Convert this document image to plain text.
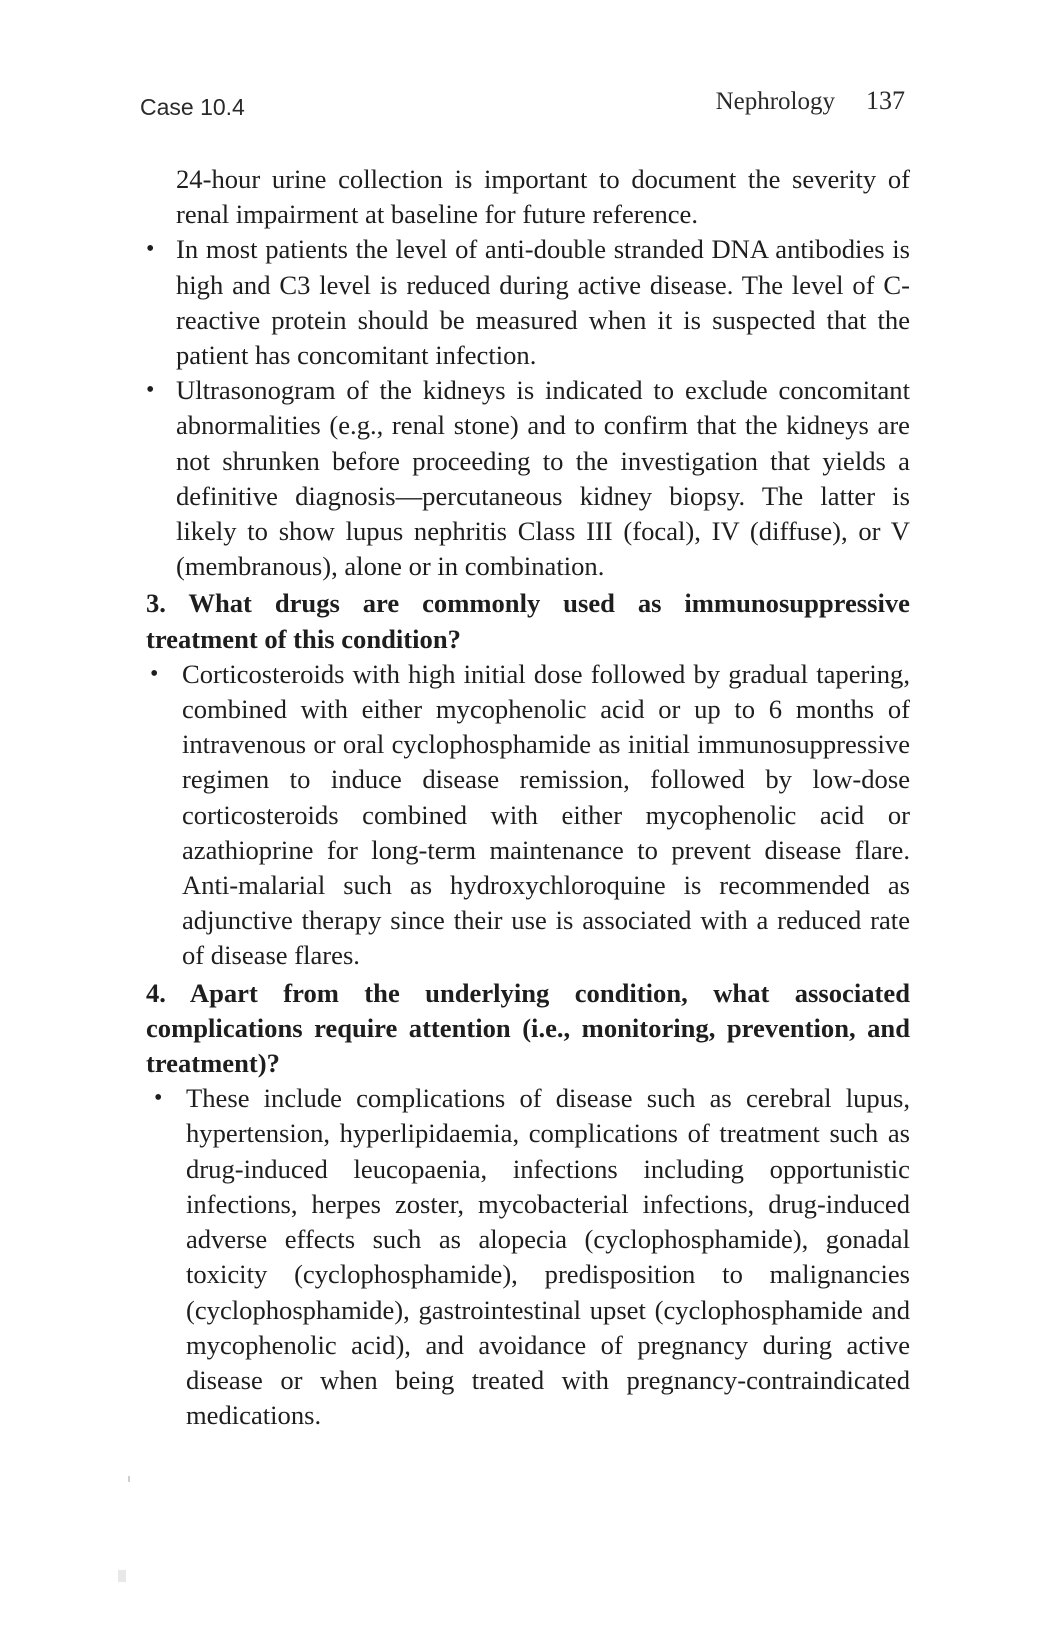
Case 10.4	Nephrology 137

24-hour urine collection is important to document the severity of renal impairment at baseline for future reference.

• In most patients the level of anti-double stranded DNA antibodies is high and C3 level is reduced during active disease. The level of C-reactive protein should be measured when it is suspected that the patient has concomitant infection.
• Ultrasonogram of the kidneys is indicated to exclude concomitant abnormalities (e.g., renal stone) and to confirm that the kidneys are not shrunken before proceeding to the investigation that yields a definitive diagnosis—percutaneous kidney biopsy. The latter is likely to show lupus nephritis Class III (focal), IV (diffuse), or V (membranous), alone or in combination.

3. What drugs are commonly used as immunosuppressive treatment of this condition?

• Corticosteroids with high initial dose followed by gradual tapering, combined with either mycophenolic acid or up to 6 months of intravenous or oral cyclophosphamide as initial immunosuppressive regimen to induce disease remission, followed by low-dose corticosteroids combined with either mycophenolic acid or azathioprine for long-term maintenance to prevent disease flare. Anti-malarial such as hydroxychloroquine is recommended as adjunctive therapy since their use is associated with a reduced rate of disease flares.

4. Apart from the underlying condition, what associated complications require attention (i.e., monitoring, prevention, and treatment)?

• These include complications of disease such as cerebral lupus, hypertension, hyperlipidaemia, complications of treatment such as drug-induced leucopaenia, infections including opportunistic infections, herpes zoster, mycobacterial infections, drug-induced adverse effects such as alopecia (cyclophosphamide), gonadal toxicity (cyclophosphamide), predisposition to malignancies (cyclophosphamide), gastrointestinal upset (cyclophosphamide and mycophenolic acid), and avoidance of pregnancy during active disease or when being treated with pregnancy-contraindicated medications.
